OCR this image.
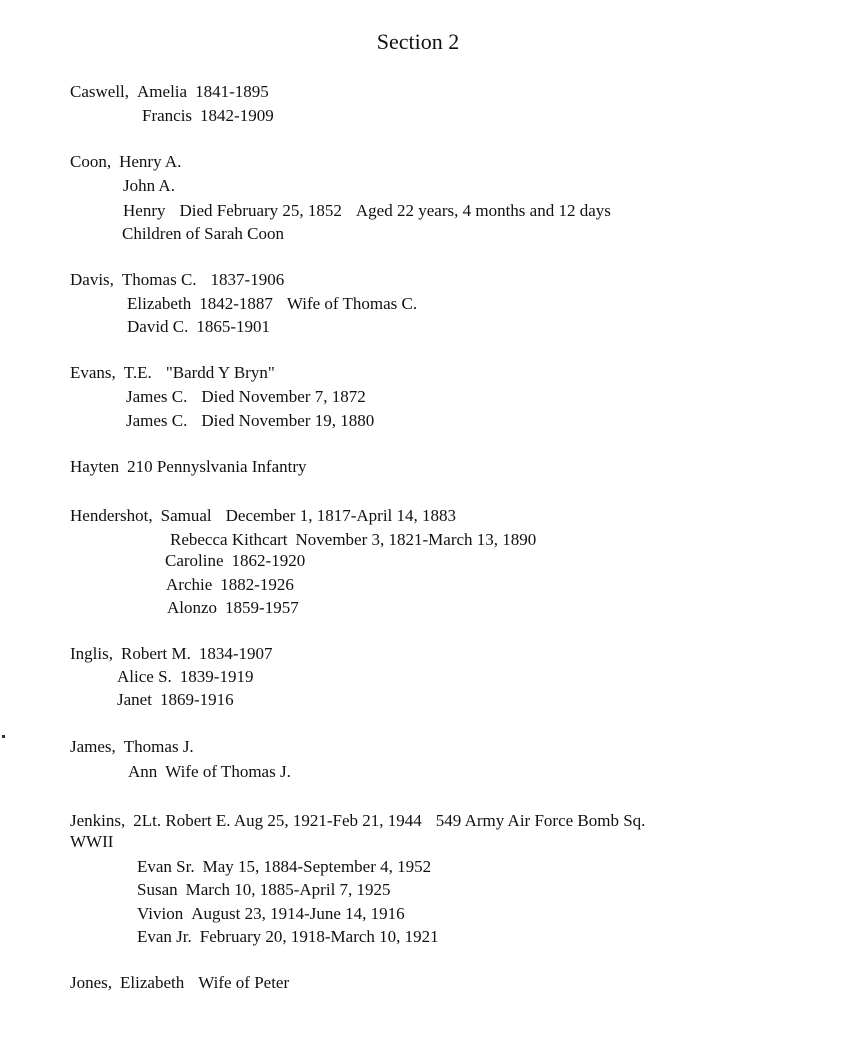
Section 2
Caswell, Amelia 1841-1895
Francis 1842-1909
Coon, Henry A.
John A.
Henry Died February 25, 1852 Aged 22 years, 4 months and 12 days
Children of Sarah Coon
Davis, Thomas C. 1837-1906
Elizabeth 1842-1887 Wife of Thomas C.
David C. 1865-1901
Evans, T.E. "Bardd Y Bryn"
James C. Died November 7, 1872
James C. Died November 19, 1880
Hayten 210 Pennyslvania Infantry
Hendershot, Samual December 1, 1817-April 14, 1883
Rebecca Kithcart November 3, 1821-March 13, 1890
Caroline 1862-1920
Archie 1882-1926
Alonzo 1859-1957
Inglis, Robert M. 1834-1907
Alice S. 1839-1919
Janet 1869-1916
James, Thomas J.
Ann Wife of Thomas J.
Jenkins, 2Lt. Robert E. Aug 25, 1921-Feb 21, 1944 549 Army Air Force Bomb Sq.
WWII
Evan Sr. May 15, 1884-September 4, 1952
Susan March 10, 1885-April 7, 1925
Vivion August 23, 1914-June 14, 1916
Evan Jr. February 20, 1918-March 10, 1921
Jones, Elizabeth Wife of Peter
